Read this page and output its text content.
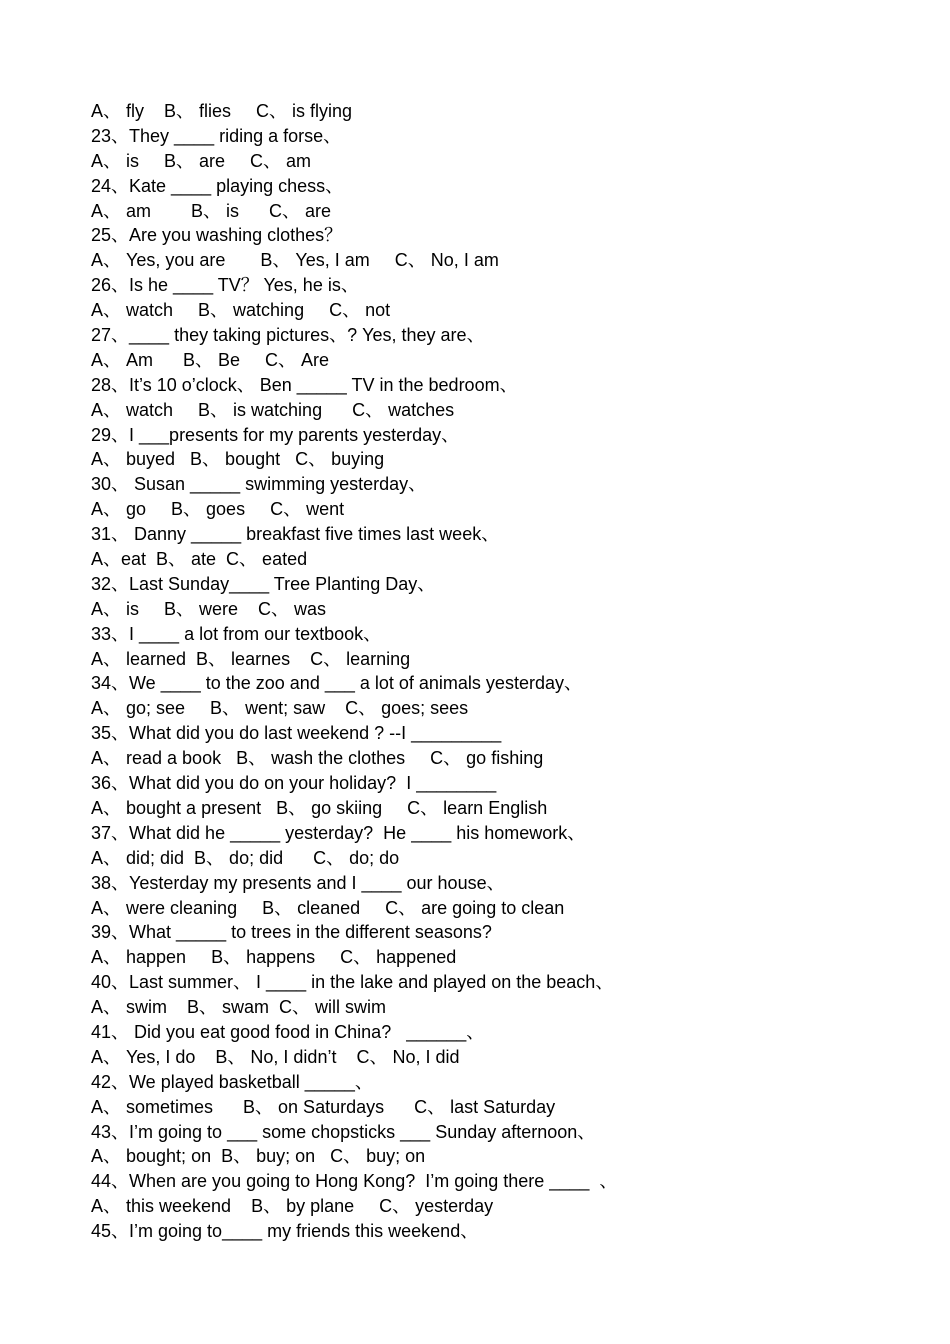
A、 fly    B、 flies     C、 is flying
23、They ____ riding a forse、
A、 is     B、 are     C、 am
24、Kate ____ playing chess、
A、 am        B、 is      C、 are
25、Are you washing clothes？
A、 Yes, you are       B、 Yes, I am     C、 No, I am
26、Is he ____ TV？ Yes, he is、
A、 watch     B、 watching     C、 not
27、____ they taking pictures、? Yes, they are、
A、 Am      B、 Be     C、 Are
28、It’s 10 o’clock、 Ben _____ TV in the bedroom、
A、 watch     B、 is watching      C、 watches
29、I ___presents for my parents yesterday、
A、 buyed   B、 bought   C、 buying
30、 Susan _____ swimming yesterday、
A、 go     B、 goes     C、 went
31、 Danny _____ breakfast five times last week、
A、eat  B、 ate  C、 eated
32、Last Sunday____ Tree Planting Day、
A、 is     B、 were    C、 was
33、I ____ a lot from our textbook、
A、 learned  B、 learnes    C、 learning
34、We ____ to the zoo and ___ a lot of animals yesterday、
A、 go; see     B、 went; saw    C、 goes; sees
35、What did you do last weekend ? --I _________
A、 read a book   B、 wash the clothes     C、 go fishing
36、What did you do on your holiday?  I ________
A、 bought a present   B、 go skiing     C、 learn English
37、What did he _____ yesterday?  He ____ his homework、
A、 did; did  B、 do; did      C、 do; do
38、Yesterday my presents and I ____ our house、
A、 were cleaning     B、 cleaned     C、 are going to clean
39、What _____ to trees in the different seasons?
A、 happen     B、 happens     C、 happened
40、Last summer、 I ____ in the lake and played on the beach、
A、 swim    B、 swam  C、 will swim
41、 Did you eat good food in China?   ______、
A、 Yes, I do    B、 No, I didn’t    C、 No, I did
42、We played basketball _____、
A、 sometimes      B、 on Saturdays      C、 last Saturday
43、I’m going to ___ some chopsticks ___ Sunday afternoon、
A、 bought; on  B、 buy; on   C、 buy; on
44、When are you going to Hong Kong?  I’m going there ____  、
A、 this weekend    B、 by plane     C、 yesterday
45、I’m going to____ my friends this weekend、
